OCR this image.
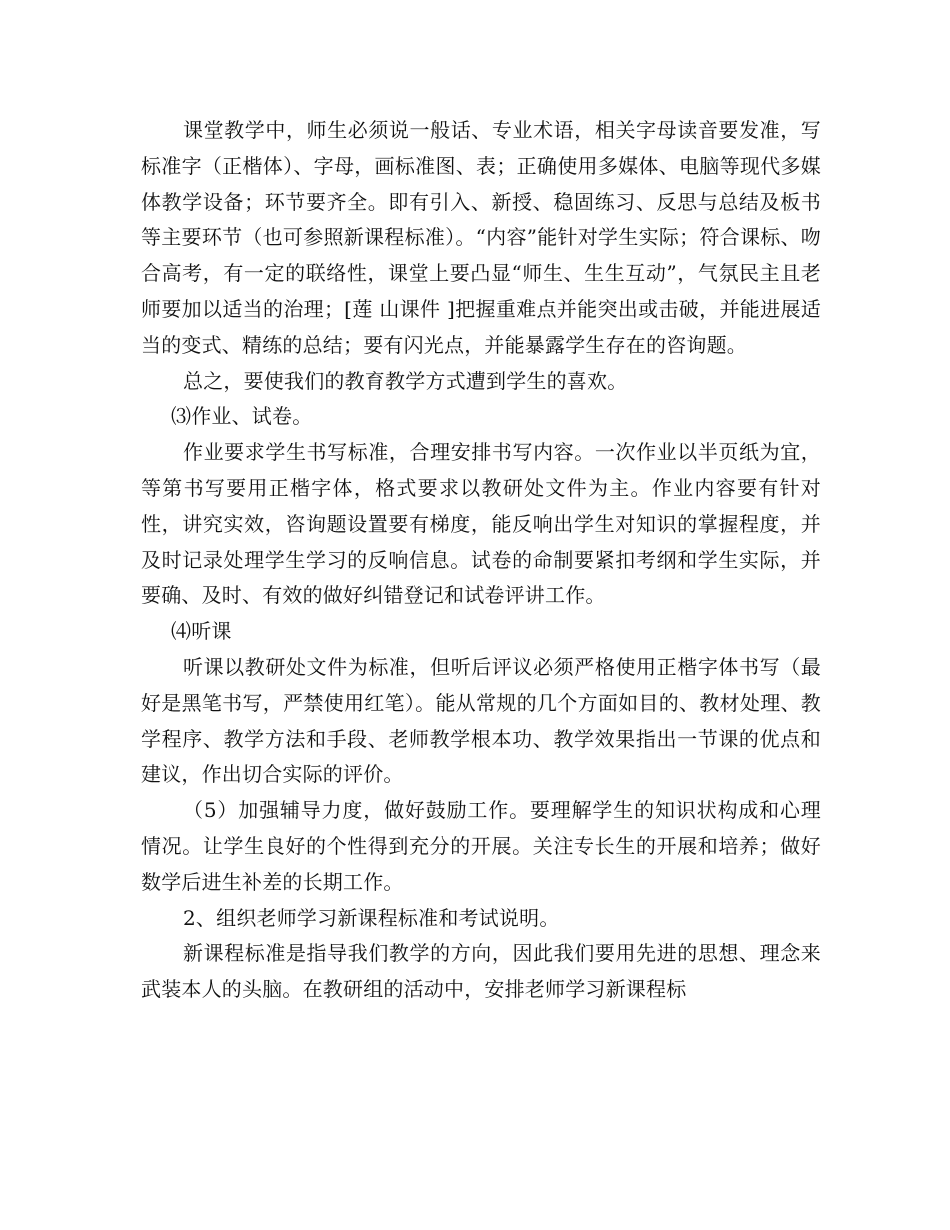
课堂教学中，师生必须说一般话、专业术语，相关字母读音要发准，写标准字（正楷体）、字母，画标准图、表；正确使用多媒体、电脑等现代多媒体教学设备；环节要齐全。即有引入、新授、稳固练习、反思与总结及板书等主要环节（也可参照新课程标准）。“内容”能针对学生实际；符合课标、吻合高考，有一定的联络性，课堂上要凸显“师生、生生互动”，气氛民主且老师要加以适当的治理；[莲 山课件 ]把握重难点并能突出或击破，并能进展适当的变式、精练的总结；要有闪光点，并能暴露学生存在的咨询题。

总之，要使我们的教育教学方式遭到学生的喜欢。

⑶作业、试卷。

作业要求学生书写标准，合理安排书写内容。一次作业以半页纸为宜，等第书写要用正楷字体，格式要求以教研处文件为主。作业内容要有针对性，讲究实效，咨询题设置要有梯度，能反响出学生对知识的掌握程度，并及时记录处理学生学习的反响信息。试卷的命制要紧扣考纲和学生实际，并要确、及时、有效的做好纠错登记和试卷评讲工作。

⑷听课

听课以教研处文件为标准，但听后评议必须严格使用正楷字体书写（最好是黑笔书写，严禁使用红笔）。能从常规的几个方面如目的、教材处理、教学程序、教学方法和手段、老师教学根本功、教学效果指出一节课的优点和建议，作出切合实际的评价。

（5）加强辅导力度，做好鼓励工作。要理解学生的知识状构成和心理情况。让学生良好的个性得到充分的开展。关注专长生的开展和培养；做好数学后进生补差的长期工作。

2、组织老师学习新课程标准和考试说明。

新课程标准是指导我们教学的方向，因此我们要用先进的思想、理念来武装本人的头脑。在教研组的活动中，安排老师学习新课程标
